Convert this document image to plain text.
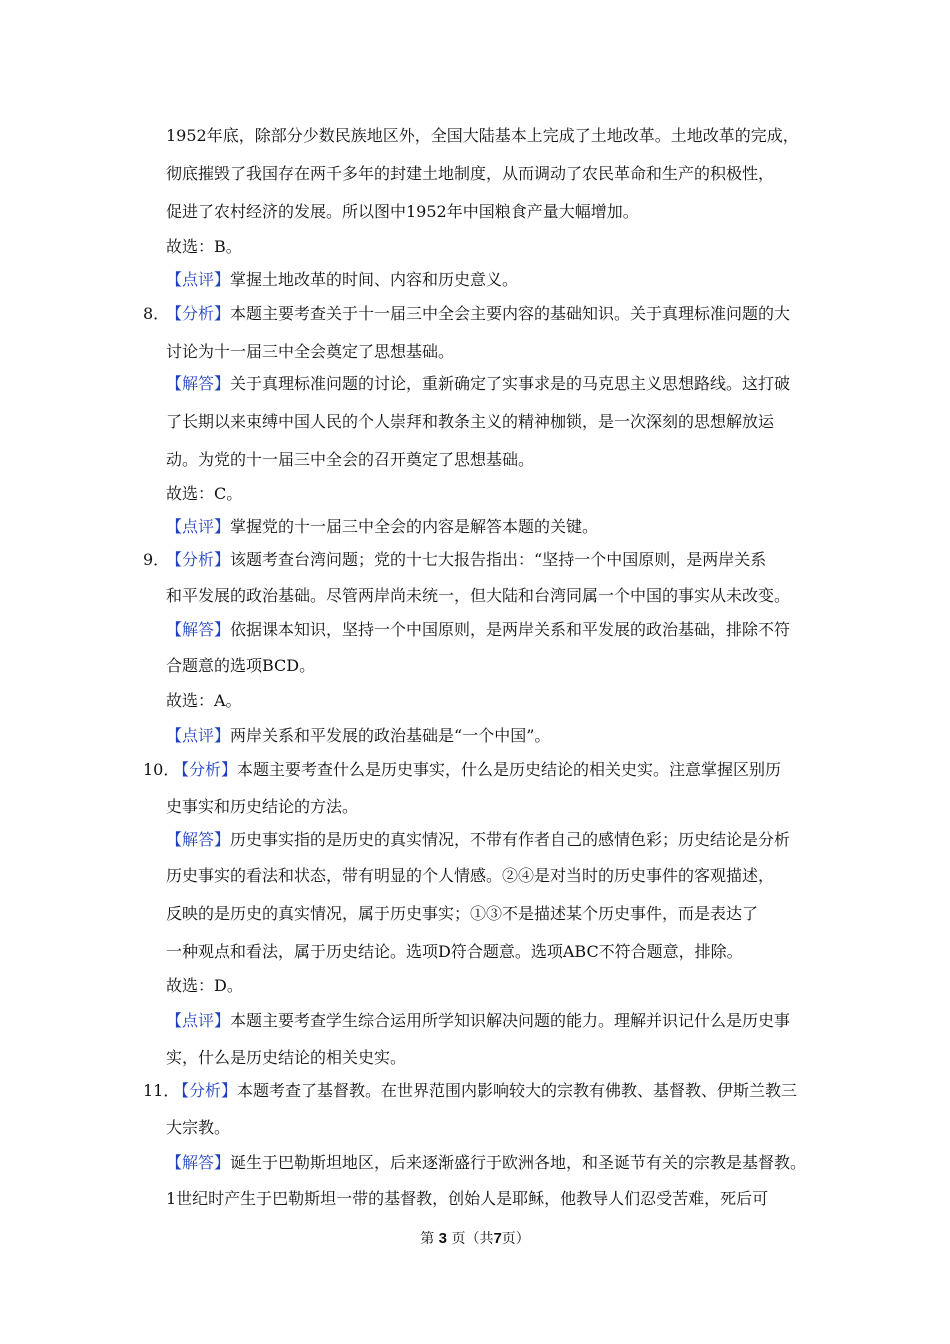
1952年底，除部分少数民族地区外，全国大陆基本上完成了土地改革。土地改革的完成，
彻底摧毁了我国存在两千多年的封建土地制度，从而调动了农民革命和生产的积极性，
促进了农村经济的发展。所以图中1952年中国粮食产量大幅增加。
故选：B。
【点评】掌握土地改革的时间、内容和历史意义。
8．
【分析】本题主要考查关于十一届三中全会主要内容的基础知识。关于真理标准问题的大
讨论为十一届三中全会奠定了思想基础。
【解答】关于真理标准问题的讨论，重新确定了实事求是的马克思主义思想路线。这打破
了长期以来束缚中国人民的个人崇拜和教条主义的精神枷锁，是一次深刻的思想解放运
动。为党的十一届三中全会的召开奠定了思想基础。
故选：C。
【点评】掌握党的十一届三中全会的内容是解答本题的关键。
9．
【分析】该题考查台湾问题；党的十七大报告指出：“坚持一个中国原则，是两岸关系
和平发展的政治基础。尽管两岸尚未统一，但大陆和台湾同属一个中国的事实从未改变。
【解答】依据课本知识，坚持一个中国原则，是两岸关系和平发展的政治基础，排除不符
合题意的选项BCD。
故选：A。
【点评】两岸关系和平发展的政治基础是“一个中国”。
10．
【分析】本题主要考查什么是历史事实，什么是历史结论的相关史实。注意掌握区别历
史事实和历史结论的方法。
【解答】历史事实指的是历史的真实情况，不带有作者自己的感情色彩；历史结论是分析
历史事实的看法和状态，带有明显的个人情感。②④是对当时的历史事件的客观描述，
反映的是历史的真实情况，属于历史事实；①③不是描述某个历史事件，而是表达了
一种观点和看法，属于历史结论。选项D符合题意。选项ABC不符合题意，排除。
故选：D。
【点评】本题主要考查学生综合运用所学知识解决问题的能力。理解并识记什么是历史事
实，什么是历史结论的相关史实。
11．
【分析】本题考查了基督教。在世界范围内影响较大的宗教有佛教、基督教、伊斯兰教三
大宗教。
【解答】诞生于巴勒斯坦地区，后来逐渐盛行于欧洲各地，和圣诞节有关的宗教是基督教。
1世纪时产生于巴勒斯坦一带的基督教，创始人是耶稣，他教导人们忍受苦难，死后可
第 3 页（共7页）
